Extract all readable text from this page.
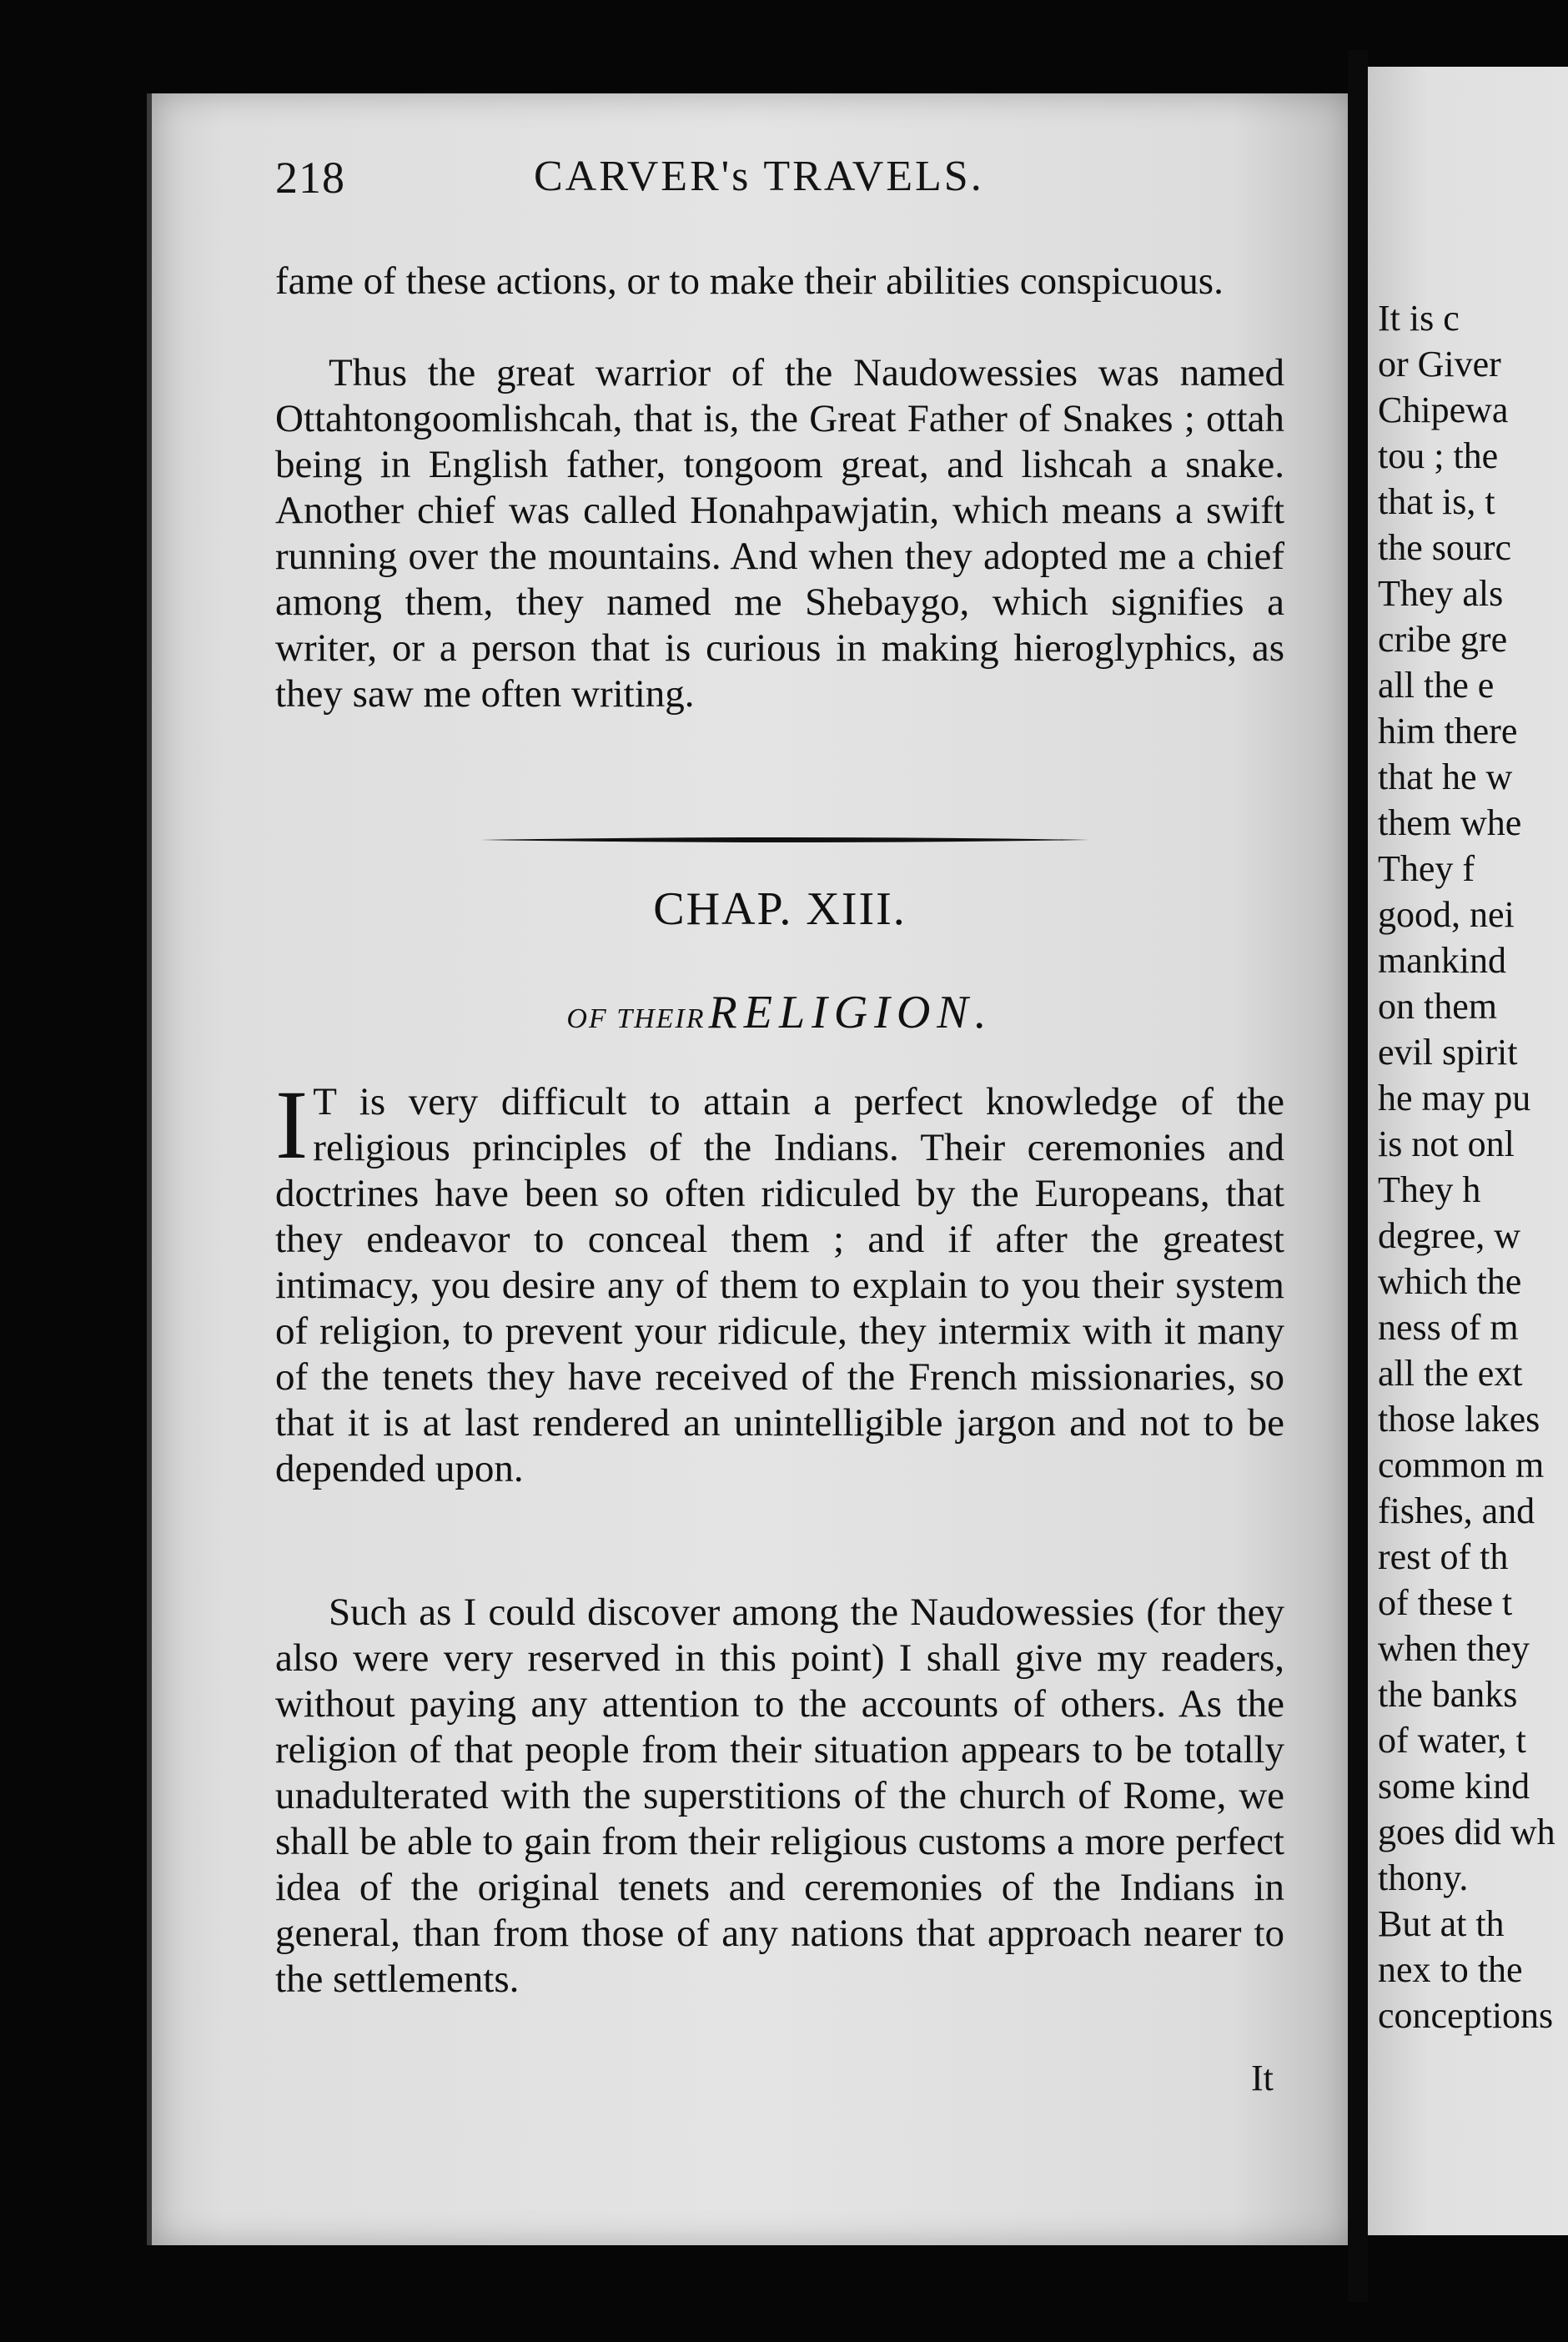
It is c
or Giver
Chipewa
tou ; the
that is, t
the sourc
They als
cribe gre
all the e
him there
that he w
them whe
They f
good, nei
mankind
on them
evil spirit
he may pu
is not onl
They h
degree, w
which the
ness of m
all the ext
those lakes
common m
fishes, and
rest of th
of these t
when they
the banks
of water, t
some kind
goes did wh
thony.
But at th
nex to the
conceptions
218	CARVER's TRAVELS.

fame of these actions, or to make their abilities conspicuous.

Thus the great warrior of the Naudowessies was named Ottahtongoomlishcah, that is, the Great Father of Snakes ; ottah being in English father, tongoom great, and lishcah a snake. Another chief was called Honahpawjatin, which means a swift running over the mountains. And when they adopted me a chief among them, they named me Shebaygo, which signifies a writer, or a person that is curious in making hieroglyphics, as they saw me often writing.

CHAP. XIII.
OF THEIR RELIGION.

I T is very difficult to attain a perfect knowledge of the religious principles of the Indians. Their ceremonies and doctrines have been so often ridiculed by the Europeans, that they endeavor to conceal them ; and if after the greatest intimacy, you desire any of them to explain to you their system of religion, to prevent your ridicule, they intermix with it many of the tenets they have received of the French missionaries, so that it is at last rendered an unintelligible jargon and not to be depended upon.

Such as I could discover among the Naudowessies (for they also were very reserved in this point) I shall give my readers, without paying any attention to the accounts of others. As the religion of that people from their situation appears to be totally unadulterated with the superstitions of the church of Rome, we shall be able to gain from their religious customs a more perfect idea of the original tenets and ceremonies of the Indians in general, than from those of any nations that approach nearer to the settlements.

It
